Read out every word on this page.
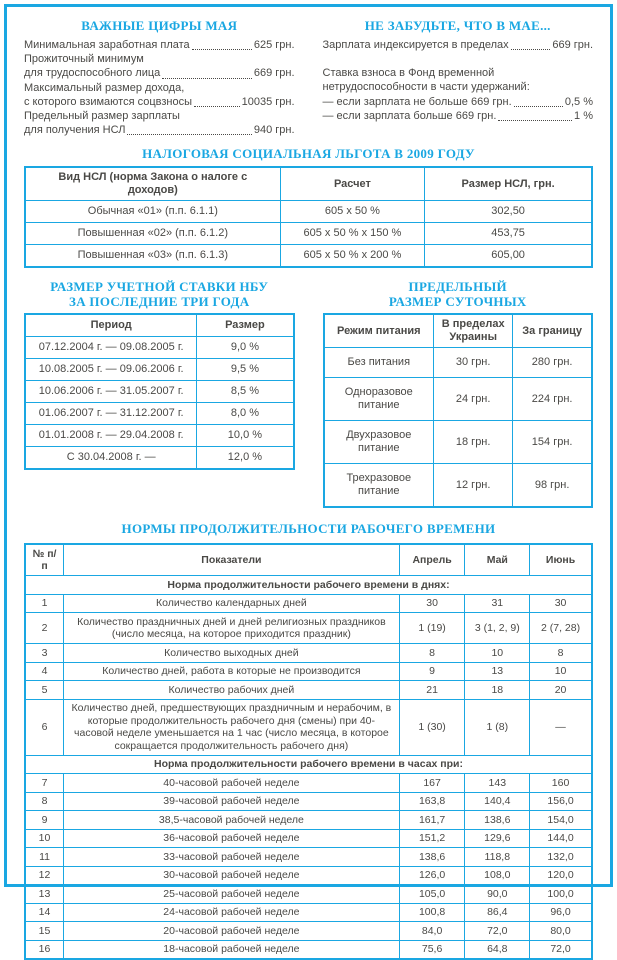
ВАЖНЫЕ ЦИФРЫ МАЯ
Минимальная заработная плата	625 грн.
Прожиточный минимум
для трудоспособного лица	669 грн.
Максимальный размер дохода,
с которого взимаются соцвзносы	10035 грн.
Предельный размер зарплаты
для получения НСЛ	940 грн.
НЕ ЗАБУДЬТЕ, ЧТО В МАЕ...
Зарплата индексируется в пределах	669 грн.
Ставка взноса в Фонд временной
нетрудоспособности в части удержаний:
— если зарплата не больше 669 грн.	0,5 %
— если зарплата больше 669 грн.	1 %
НАЛОГОВАЯ СОЦИАЛЬНАЯ ЛЬГОТА В 2009 ГОДУ
Вид НСЛ (норма Закона о налоге с доходов)	Расчет	Размер НСЛ, грн.
Обычная «01» (п.п. 6.1.1)	605 х 50 %	302,50
Повышенная «02» (п.п. 6.1.2)	605 х 50 % х 150 %	453,75
Повышенная «03» (п.п. 6.1.3)	605 х 50 % х 200 %	605,00
РАЗМЕР УЧЕТНОЙ СТАВКИ НБУ
ЗА ПОСЛЕДНИЕ ТРИ ГОДА
Период	Размер
07.12.2004 г. — 09.08.2005 г.	9,0 %
10.08.2005 г. — 09.06.2006 г.	9,5 %
10.06.2006 г. — 31.05.2007 г.	8,5 %
01.06.2007 г. — 31.12.2007 г.	8,0 %
01.01.2008 г. — 29.04.2008 г.	10,0 %
С 30.04.2008 г. —	12,0 %
ПРЕДЕЛЬНЫЙ
РАЗМЕР СУТОЧНЫХ
Режим питания	В пределах Украины	За границу
Без питания	30 грн.	280 грн.
Одноразовое питание	24 грн.	224 грн.
Двухразовое питание	18 грн.	154 грн.
Трехразовое питание	12 грн.	98 грн.
НОРМЫ ПРОДОЛЖИТЕЛЬНОСТИ РАБОЧЕГО ВРЕМЕНИ
№ п/п	Показатели	Апрель	Май	Июнь
Норма продолжительности рабочего времени в днях:				
1	Количество календарных дней	30	31	30
2	Количество праздничных дней и дней религиозных праздников (число месяца, на которое приходится праздник)	1 (19)	3 (1, 2, 9)	2 (7, 28)
3	Количество выходных дней	8	10	8
4	Количество дней, работа в которые не производится	9	13	10
5	Количество рабочих дней	21	18	20
6	Количество дней, предшествующих праздничным и нерабочим, в которые продолжительность рабочего дня (смены) при 40-часовой неделе уменьшается на 1 час (число месяца, в которое сокращается продолжительность рабочего дня)	1 (30)	1 (8)	—
Норма продолжительности рабочего времени в часах при:				
7	40-часовой рабочей неделе	167	143	160
8	39-часовой рабочей неделе	163,8	140,4	156,0
9	38,5-часовой рабочей неделе	161,7	138,6	154,0
10	36-часовой рабочей неделе	151,2	129,6	144,0
11	33-часовой рабочей неделе	138,6	118,8	132,0
12	30-часовой рабочей неделе	126,0	108,0	120,0
13	25-часовой рабочей неделе	105,0	90,0	100,0
14	24-часовой рабочей неделе	100,8	86,4	96,0
15	20-часовой рабочей неделе	84,0	72,0	80,0
16	18-часовой рабочей неделе	75,6	64,8	72,0
